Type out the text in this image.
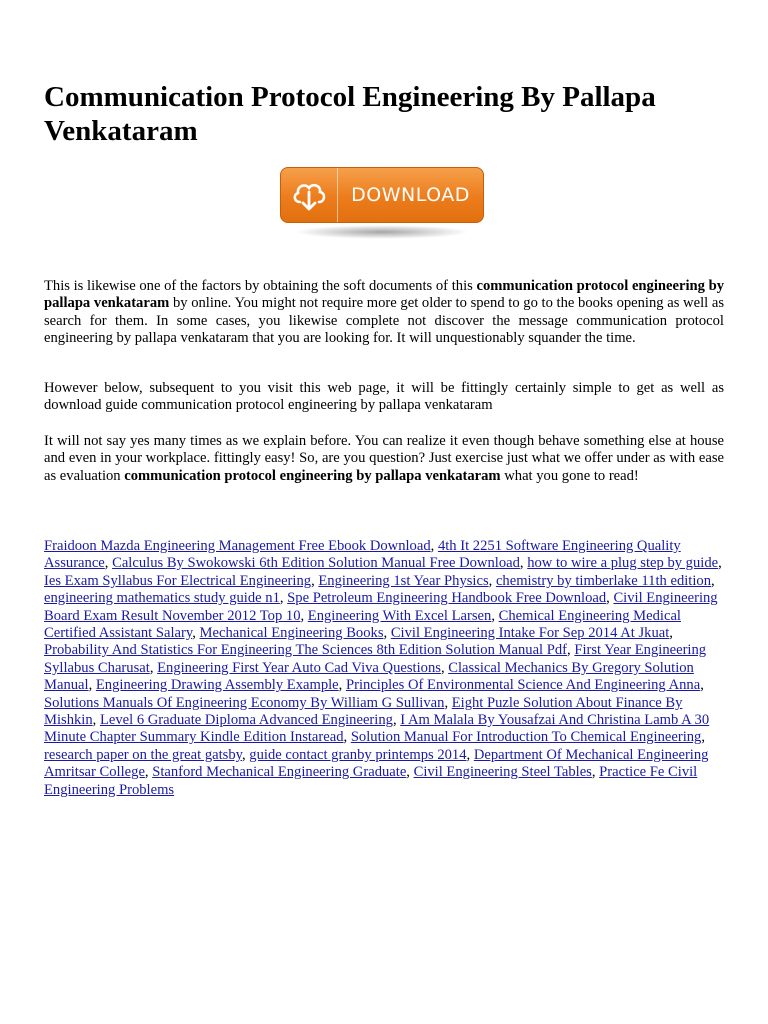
Communication Protocol Engineering By Pallapa Venkataram
DOWNLOAD

This is likewise one of the factors by obtaining the soft documents of this communication protocol engineering by pallapa venkataram by online. You might not require more get older to spend to go to the books opening as well as search for them. In some cases, you likewise complete not discover the message communication protocol engineering by pallapa venkataram that you are looking for. It will unquestionably squander the time.

However below, subsequent to you visit this web page, it will be fittingly certainly simple to get as well as download guide communication protocol engineering by pallapa venkataram

It will not say yes many times as we explain before. You can realize it even though behave something else at house and even in your workplace. fittingly easy! So, are you question? Just exercise just what we offer under as with ease as evaluation communication protocol engineering by pallapa venkataram what you gone to read!

Fraidoon Mazda Engineering Management Free Ebook Download, 4th It 2251 Software Engineering Quality Assurance, Calculus By Swokowski 6th Edition Solution Manual Free Download, how to wire a plug step by guide, Ies Exam Syllabus For Electrical Engineering, Engineering 1st Year Physics, chemistry by timberlake 11th edition, engineering mathematics study guide n1, Spe Petroleum Engineering Handbook Free Download, Civil Engineering Board Exam Result November 2012 Top 10, Engineering With Excel Larsen, Chemical Engineering Medical Certified Assistant Salary, Mechanical Engineering Books, Civil Engineering Intake For Sep 2014 At Jkuat, Probability And Statistics For Engineering The Sciences 8th Edition Solution Manual Pdf, First Year Engineering Syllabus Charusat, Engineering First Year Auto Cad Viva Questions, Classical Mechanics By Gregory Solution Manual, Engineering Drawing Assembly Example, Principles Of Environmental Science And Engineering Anna, Solutions Manuals Of Engineering Economy By William G Sullivan, Eight Puzle Solution About Finance By Mishkin, Level 6 Graduate Diploma Advanced Engineering, I Am Malala By Yousafzai And Christina Lamb A 30 Minute Chapter Summary Kindle Edition Instaread, Solution Manual For Introduction To Chemical Engineering, research paper on the great gatsby, guide contact granby printemps 2014, Department Of Mechanical Engineering Amritsar College, Stanford Mechanical Engineering Graduate, Civil Engineering Steel Tables, Practice Fe Civil Engineering Problems
